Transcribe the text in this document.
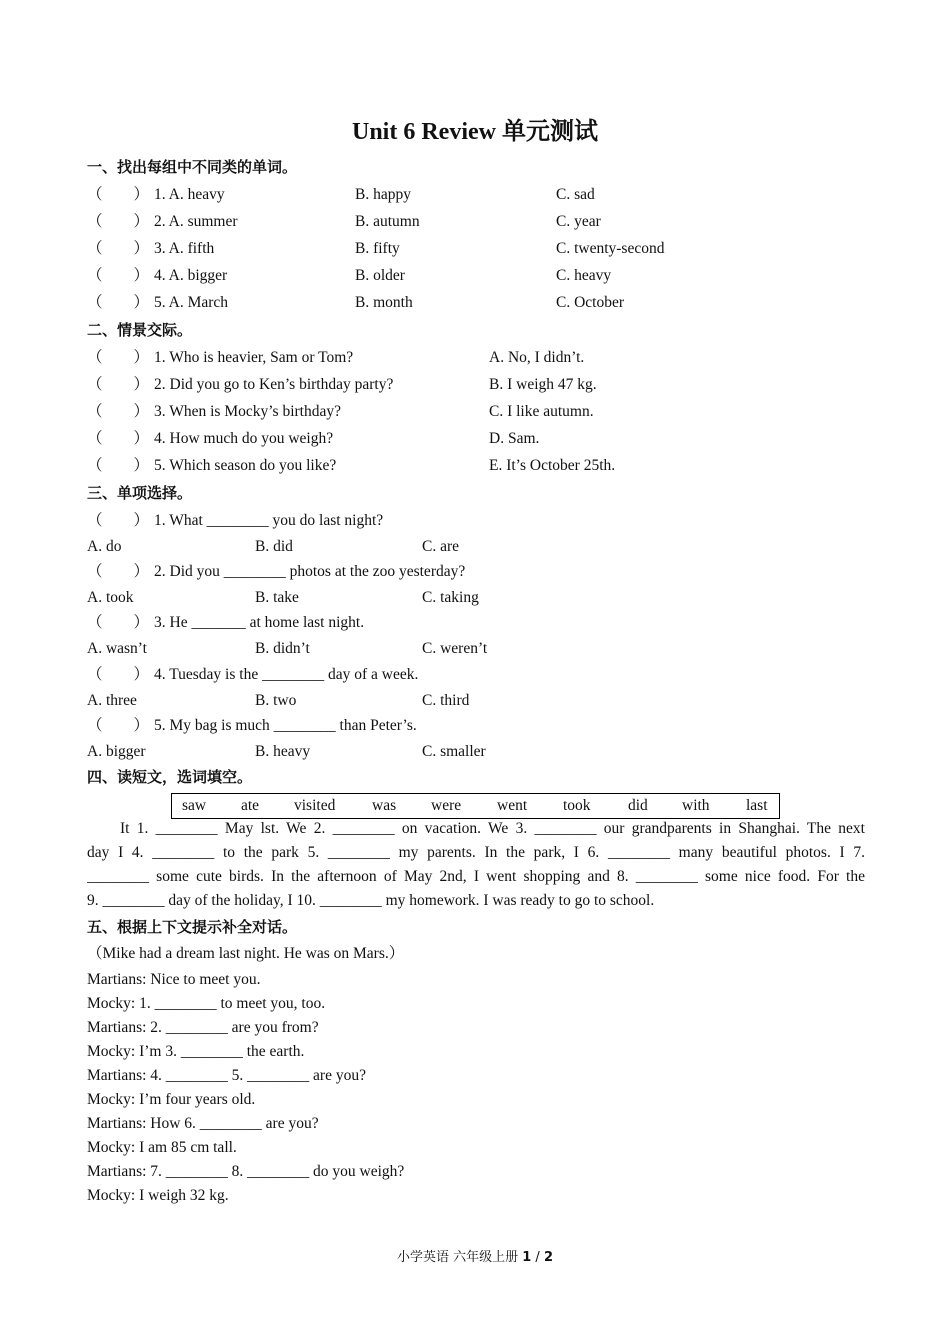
Unit 6 Review 单元测试
一、找出每组中不同类的单词。
（　　） 1. A. heavy	B. happy	C. sad
（　　） 2. A. summer	B. autumn	C. year
（　　） 3. A. fifth	B. fifty	C. twenty-second
（　　） 4. A. bigger	B. older	C. heavy
（　　） 5. A. March	B. month	C. October
二、情景交际。
（　　） 1. Who is heavier, Sam or Tom?	A. No, I didn’t.
（　　） 2. Did you go to Ken’s birthday party?	B. I weigh 47 kg.
（　　） 3. When is Mocky’s birthday?	C. I like autumn.
（　　） 4. How much do you weigh?	D. Sam.
（　　） 5. Which season do you like?	E. It’s October 25th.
三、单项选择。
（　　） 1. What ________ you do last night?
A. do	B. did	C. are
（　　） 2. Did you ________ photos at the zoo yesterday?
A. took	B. take	C. taking
（　　） 3. He _______ at home last night.
A. wasn’t	B. didn’t	C. weren’t
（　　） 4. Tuesday is the ________ day of a week.
A. three	B. two	C. third
（　　） 5. My bag is much ________ than Peter’s.
A. bigger	B. heavy	C. smaller
四、读短文，选词填空。
saw ate visited was were went took did with last
It 1. ________ May lst. We 2. ________ on vacation. We 3. ________ our grandparents in Shanghai. The next
day I 4. ________ to the park 5. ________ my parents. In the park, I 6. ________ many beautiful photos. I 7.
________ some cute birds. In the afternoon of May 2nd, I went shopping and 8. ________ some nice food. For the
9. ________ day of the holiday, I 10. ________ my homework. I was ready to go to school.
五、根据上下文提示补全对话。
（Mike had a dream last night. He was on Mars.）
Martians: Nice to meet you.
Mocky: 1. ________ to meet you, too.
Martians: 2. ________ are you from?
Mocky: I’m 3. ________ the earth.
Martians: 4. ________ 5. ________ are you?
Mocky: I’m four years old.
Martians: How 6. ________ are you?
Mocky: I am 85 cm tall.
Martians: 7. ________ 8. ________ do you weigh?
Mocky: I weigh 32 kg.
小学英语 六年级上册 1 / 2
